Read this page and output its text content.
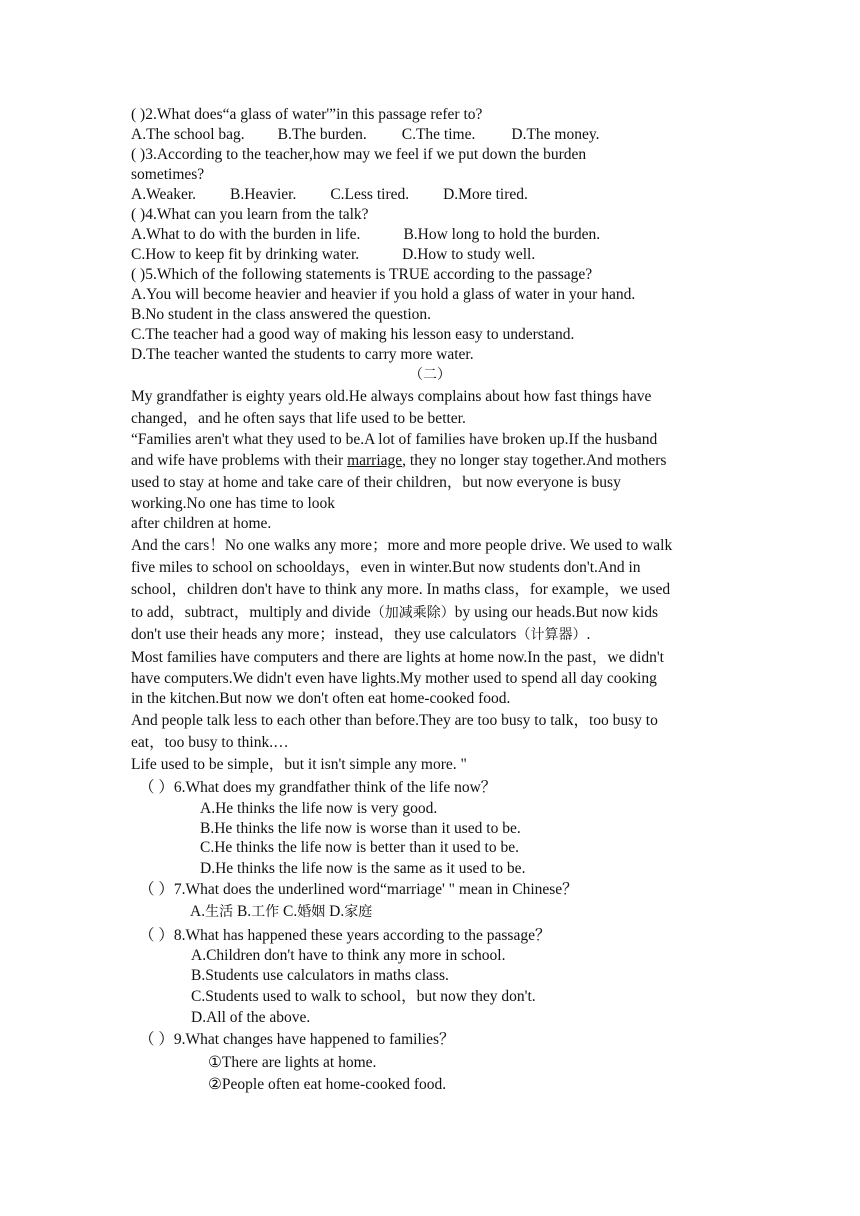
( )2.What does“a glass of water'”in this passage refer to?
A.The school bag. B.The burden. C.The time. D.The money.
( )3.According to the teacher,how may we feel if we put down the burden
sometimes?
A.Weaker. B.Heavier. C.Less tired. D.More tired.
( )4.What can you learn from the talk?
A.What to do with the burden in life.	B.How long to hold the burden.
C.How to keep fit by drinking water.	D.How to study well.
( )5.Which of the following statements is TRUE according to the passage?
A.You will become heavier and heavier if you hold a glass of water in your hand.
B.No student in the class answered the question.
C.The teacher had a good way of making his lesson easy to understand.
D.The teacher wanted the students to carry more water.
（二）
My grandfather is eighty years old.He always complains about how fast things have
changed，and he often says that life used to be better.
“Families aren't what they used to be.A lot of families have broken up.If the husband
and wife have problems with their marriage, they no longer stay together.And mothers
used to stay at home and take care of their children，but now everyone is busy
working.No one has time to look
after children at home.
And the cars！No one walks any more；more and more people drive. We used to walk
five miles to school on schooldays，even in winter.But now students don't.And in
school，children don't have to think any more. In maths class，for example，we used
to add，subtract，multiply and divide（加减乘除）by using our heads.But now kids
don't use their heads any more；instead，they use calculators（计算器）.
Most families have computers and there are lights at home now.In the past，we didn't
have computers.We didn't even have lights.My mother used to spend all day cooking
in the kitchen.But now we don't often eat home-cooked food.
And people talk less to each other than before.They are too busy to talk，too busy to
eat，too busy to think.…
Life used to be simple，but it isn't simple any more. "
（ ）6.What does my grandfather think of the life now？
A.He thinks the life now is very good.
B.He thinks the life now is worse than it used to be.
C.He thinks the life now is better than it used to be.
D.He thinks the life now is the same as it used to be.
（ ）7.What does the underlined word“marriage' " mean in Chinese？
A.生活 B.工作 C.婚姻 D.家庭
（ ）8.What has happened these years according to the passage？
A.Children don't have to think any more in school.
B.Students use calculators in maths class.
C.Students used to walk to school，but now they don't.
D.All of the above.
（ ）9.What changes have happened to families？
①There are lights at home.
②People often eat home-cooked food.
